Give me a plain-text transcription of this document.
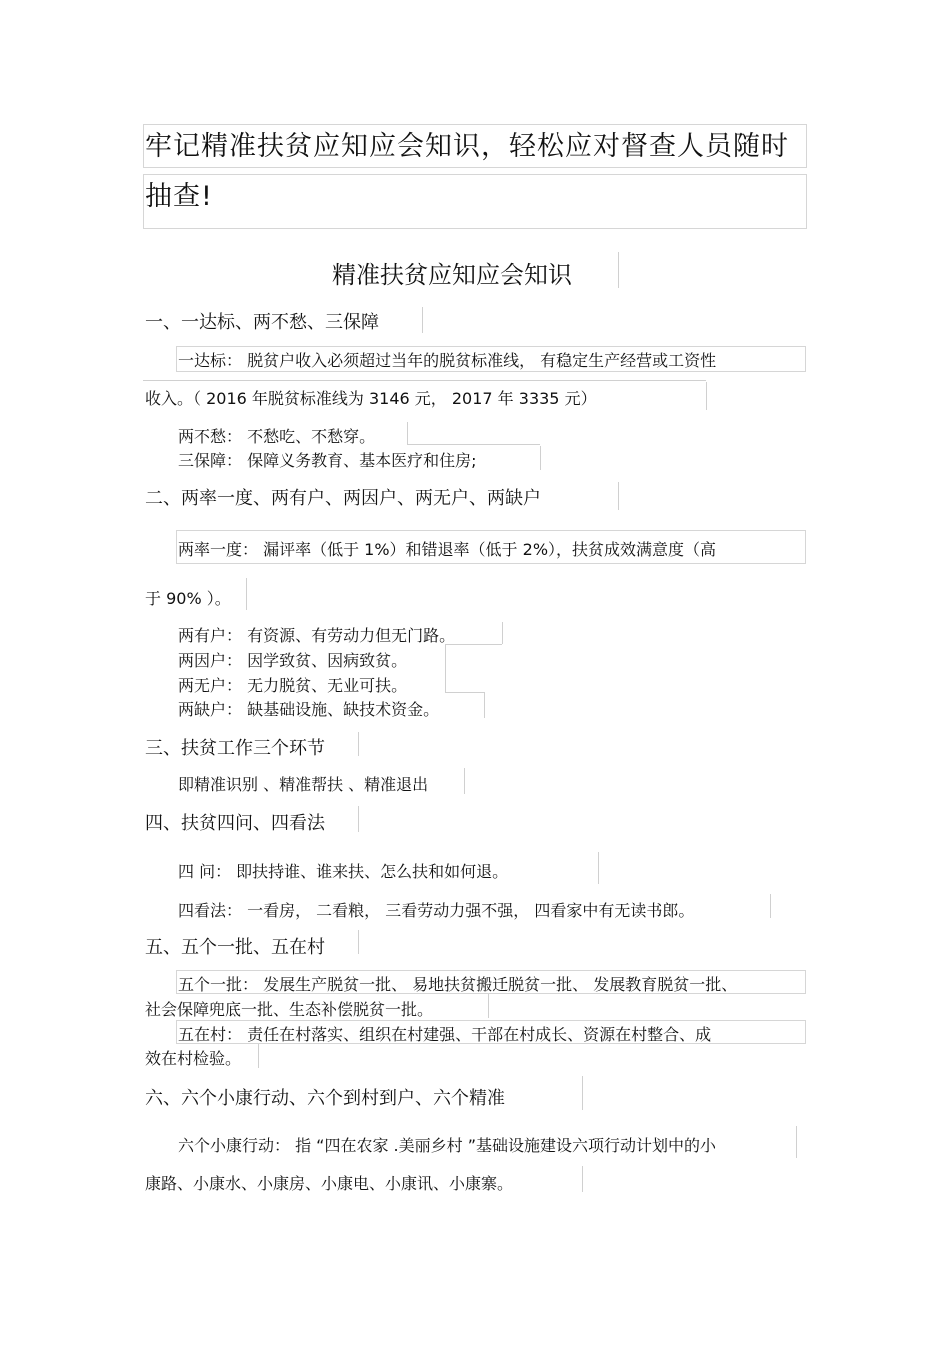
牢记精准扶贫应知应会知识，轻松应对督查人员随时
抽查!
精准扶贫应知应会知识
一、一达标、两不愁、三保障
一达标： 脱贫户收入必须超过当年的脱贫标准线， 有稳定生产经营或工资性
收入。（ 2016 年脱贫标准线为 3146 元， 2017 年 3335 元）
两不愁： 不愁吃、不愁穿。
三保障： 保障义务教育、基本医疗和住房;
二、两率一度、两有户、两因户、两无户、两缺户
两率一度： 漏评率（低于 1%）和错退率（低于 2%），扶贫成效满意度（高
于 90% ）。
两有户： 有资源、有劳动力但无门路。
两因户： 因学致贫、因病致贫。
两无户： 无力脱贫、无业可扶。
两缺户： 缺基础设施、缺技术资金。
三、扶贫工作三个环节
即精准识别 、精准帮扶 、精准退出
四、扶贫四问、四看法
四 问： 即扶持谁、谁来扶、怎么扶和如何退。
四看法： 一看房， 二看粮， 三看劳动力强不强， 四看家中有无读书郎。
五、五个一批、五在村
五个一批： 发展生产脱贫一批、 易地扶贫搬迁脱贫一批、 发展教育脱贫一批、
社会保障兜底一批、生态补偿脱贫一批。
五在村： 责任在村落实、组织在村建强、干部在村成长、资源在村整合、成
效在村检验。
六、六个小康行动、六个到村到户、六个精准
六个小康行动： 指 “四在农家 .美丽乡村 ”基础设施建设六项行动计划中的小
康路、小康水、小康房、小康电、小康讯、小康寨。
